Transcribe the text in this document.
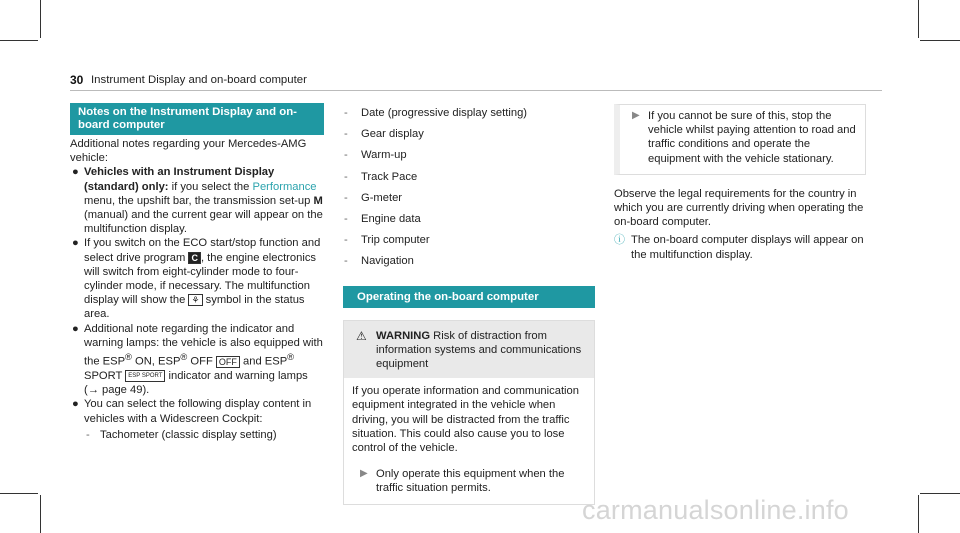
30 Instrument Display and on-board computer
Notes on the Instrument Display and on-board computer

Additional notes regarding your Mercedes-AMG vehicle:

● Vehicles with an Instrument Display (standard) only: if you select the Performance menu, the upshift bar, the transmission set-up M (manual) and the current gear will appear on the multifunction display.
● If you switch on the ECO start/stop function and select drive program C , the engine electronics will switch from eight-cylinder mode to four-cylinder mode, if necessary. The multifunction display will show the ⚘ symbol in the status area.
● Additional note regarding the indicator and warning lamps: the vehicle is also equipped with the ESP® ON, ESP® OFF OFF and ESP® SPORT ESP SPORT indicator and warning lamps (→ page 49).
● You can select the following display content in vehicles with a Widescreen Cockpit:
- Tachometer (classic display setting)
- Date (progressive display setting)
- Gear display
- Warm-up
- Track Pace
- G-meter
- Engine data
- Trip computer
- Navigation
Operating the on-board computer
⚠ WARNING Risk of distraction from information systems and communications equipment

If you operate information and communication equipment integrated in the vehicle when driving, you will be distracted from the traffic situation. This could also cause you to lose control of the vehicle.

▶ Only operate this equipment when the traffic situation permits.
▶ If you cannot be sure of this, stop the vehicle whilst paying attention to road and traffic conditions and operate the equipment with the vehicle stationary.

Observe the legal requirements for the country in which you are currently driving when operating the on-board computer.

ⓘ The on-board computer displays will appear on the multifunction display.
carmanualsonline.info
